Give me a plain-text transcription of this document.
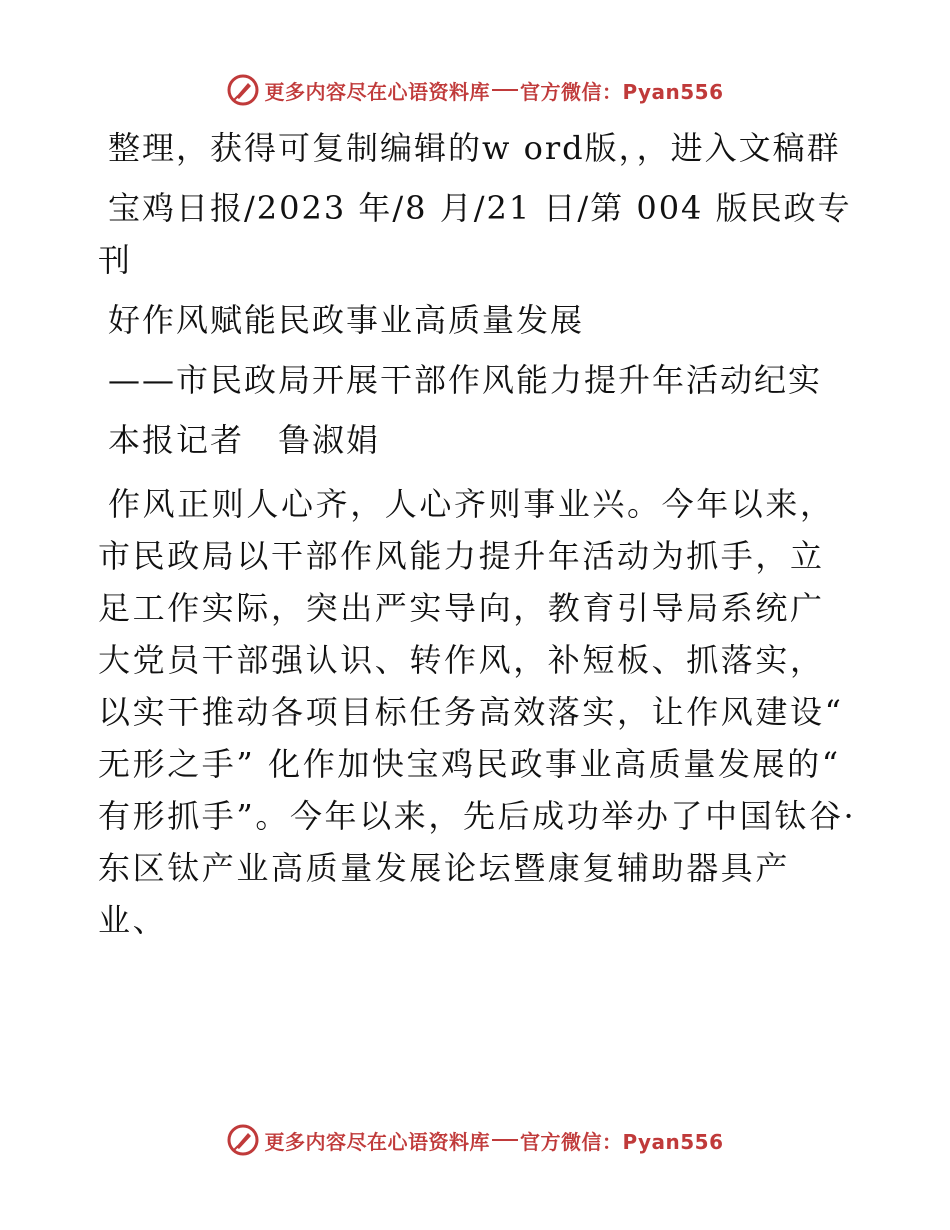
更多内容尽在心语资料库 官方微信：Pyan556

整理，获得可复制编辑的w ord版，，进入文稿群

宝鸡日报/2023 年/8 月/21 日/第 004 版民政专刊

好作风赋能民政事业高质量发展

——市民政局开展干部作风能力提升年活动纪实

本报记者　鲁淑娟

作风正则人心齐，人心齐则事业兴。今年以来，市民政局以干部作风能力提升年活动为抓手，立足工作实际，突出严实导向，教育引导局系统广大党员干部强认识、转作风，补短板、抓落实，以实干推动各项目标任务高效落实，让作风建设“ 无形之手” 化作加快宝鸡民政事业高质量发展的“ 有形抓手”。今年以来，先后成功举办了中国钛谷·东区钛产业高质量发展论坛暨康复辅助器具产业、

更多内容尽在心语资料库 官方微信：Pyan556
